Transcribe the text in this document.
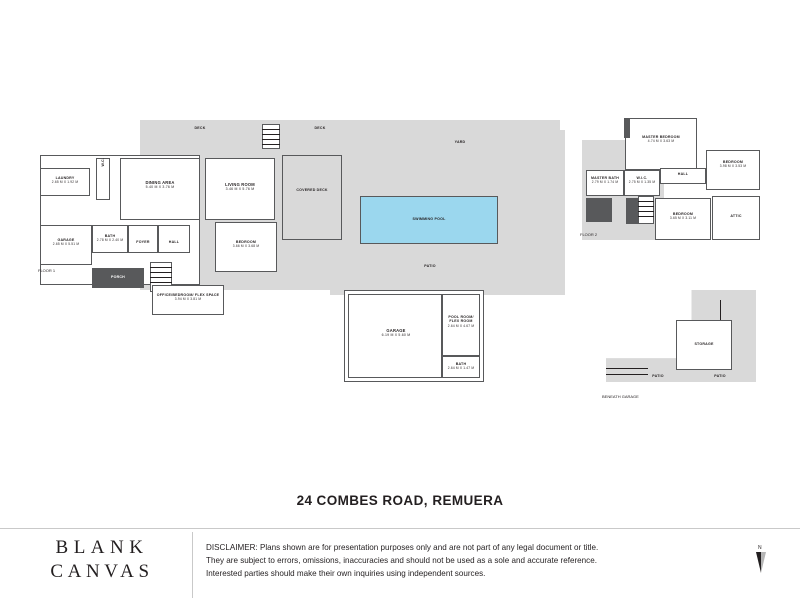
DECK	DECK
YARD
LAUNDRY
2.65 M X 1.92 M
GARAGE
2.65 M X 5.51 M
DINING AREA
5.40 M X 3.76 M
LIVING ROOM
3.46 M X 5.76 M	COVERED DECK
W.C.
BATH
2.78 M X 2.40 M	FOYER	HALL	BEDROOM
3.66 M X 3.68 M
PORCH
OFFICE/BEDROOM/ FLEX SPACE
3.94 M X 3.81 M
SWIMMING POOL
PATIO
GARAGE
6.19 M X 5.60 M
POOL ROOM/ FLEX ROOM
2.64 M X 4.67 M
BATH
2.64 M X 1.47 M
FLOOR 1
MASTER BEDROOM
4.74 M X 3.63 M
BEDROOM
3.98 M X 3.53 M
MASTER BATH
2.79 M X 1.74 M
W.I.C.
2.75 M X 1.35 M
HALL
BEDROOM
3.65 M X 3.11 M
ATTIC
FLOOR 2
STORAGE
PATIO	PATIO
BENEATH GARAGE
24 COMBES ROAD, REMUERA
BLANK
CANVAS
DISCLAIMER: Plans shown are for presentation purposes only and are not part of any legal document or title.
They are subject to errors, omissions, inaccuracies and should not be used as a sole and accurate reference.
Interested parties should make their own inquiries using independent sources.
N
